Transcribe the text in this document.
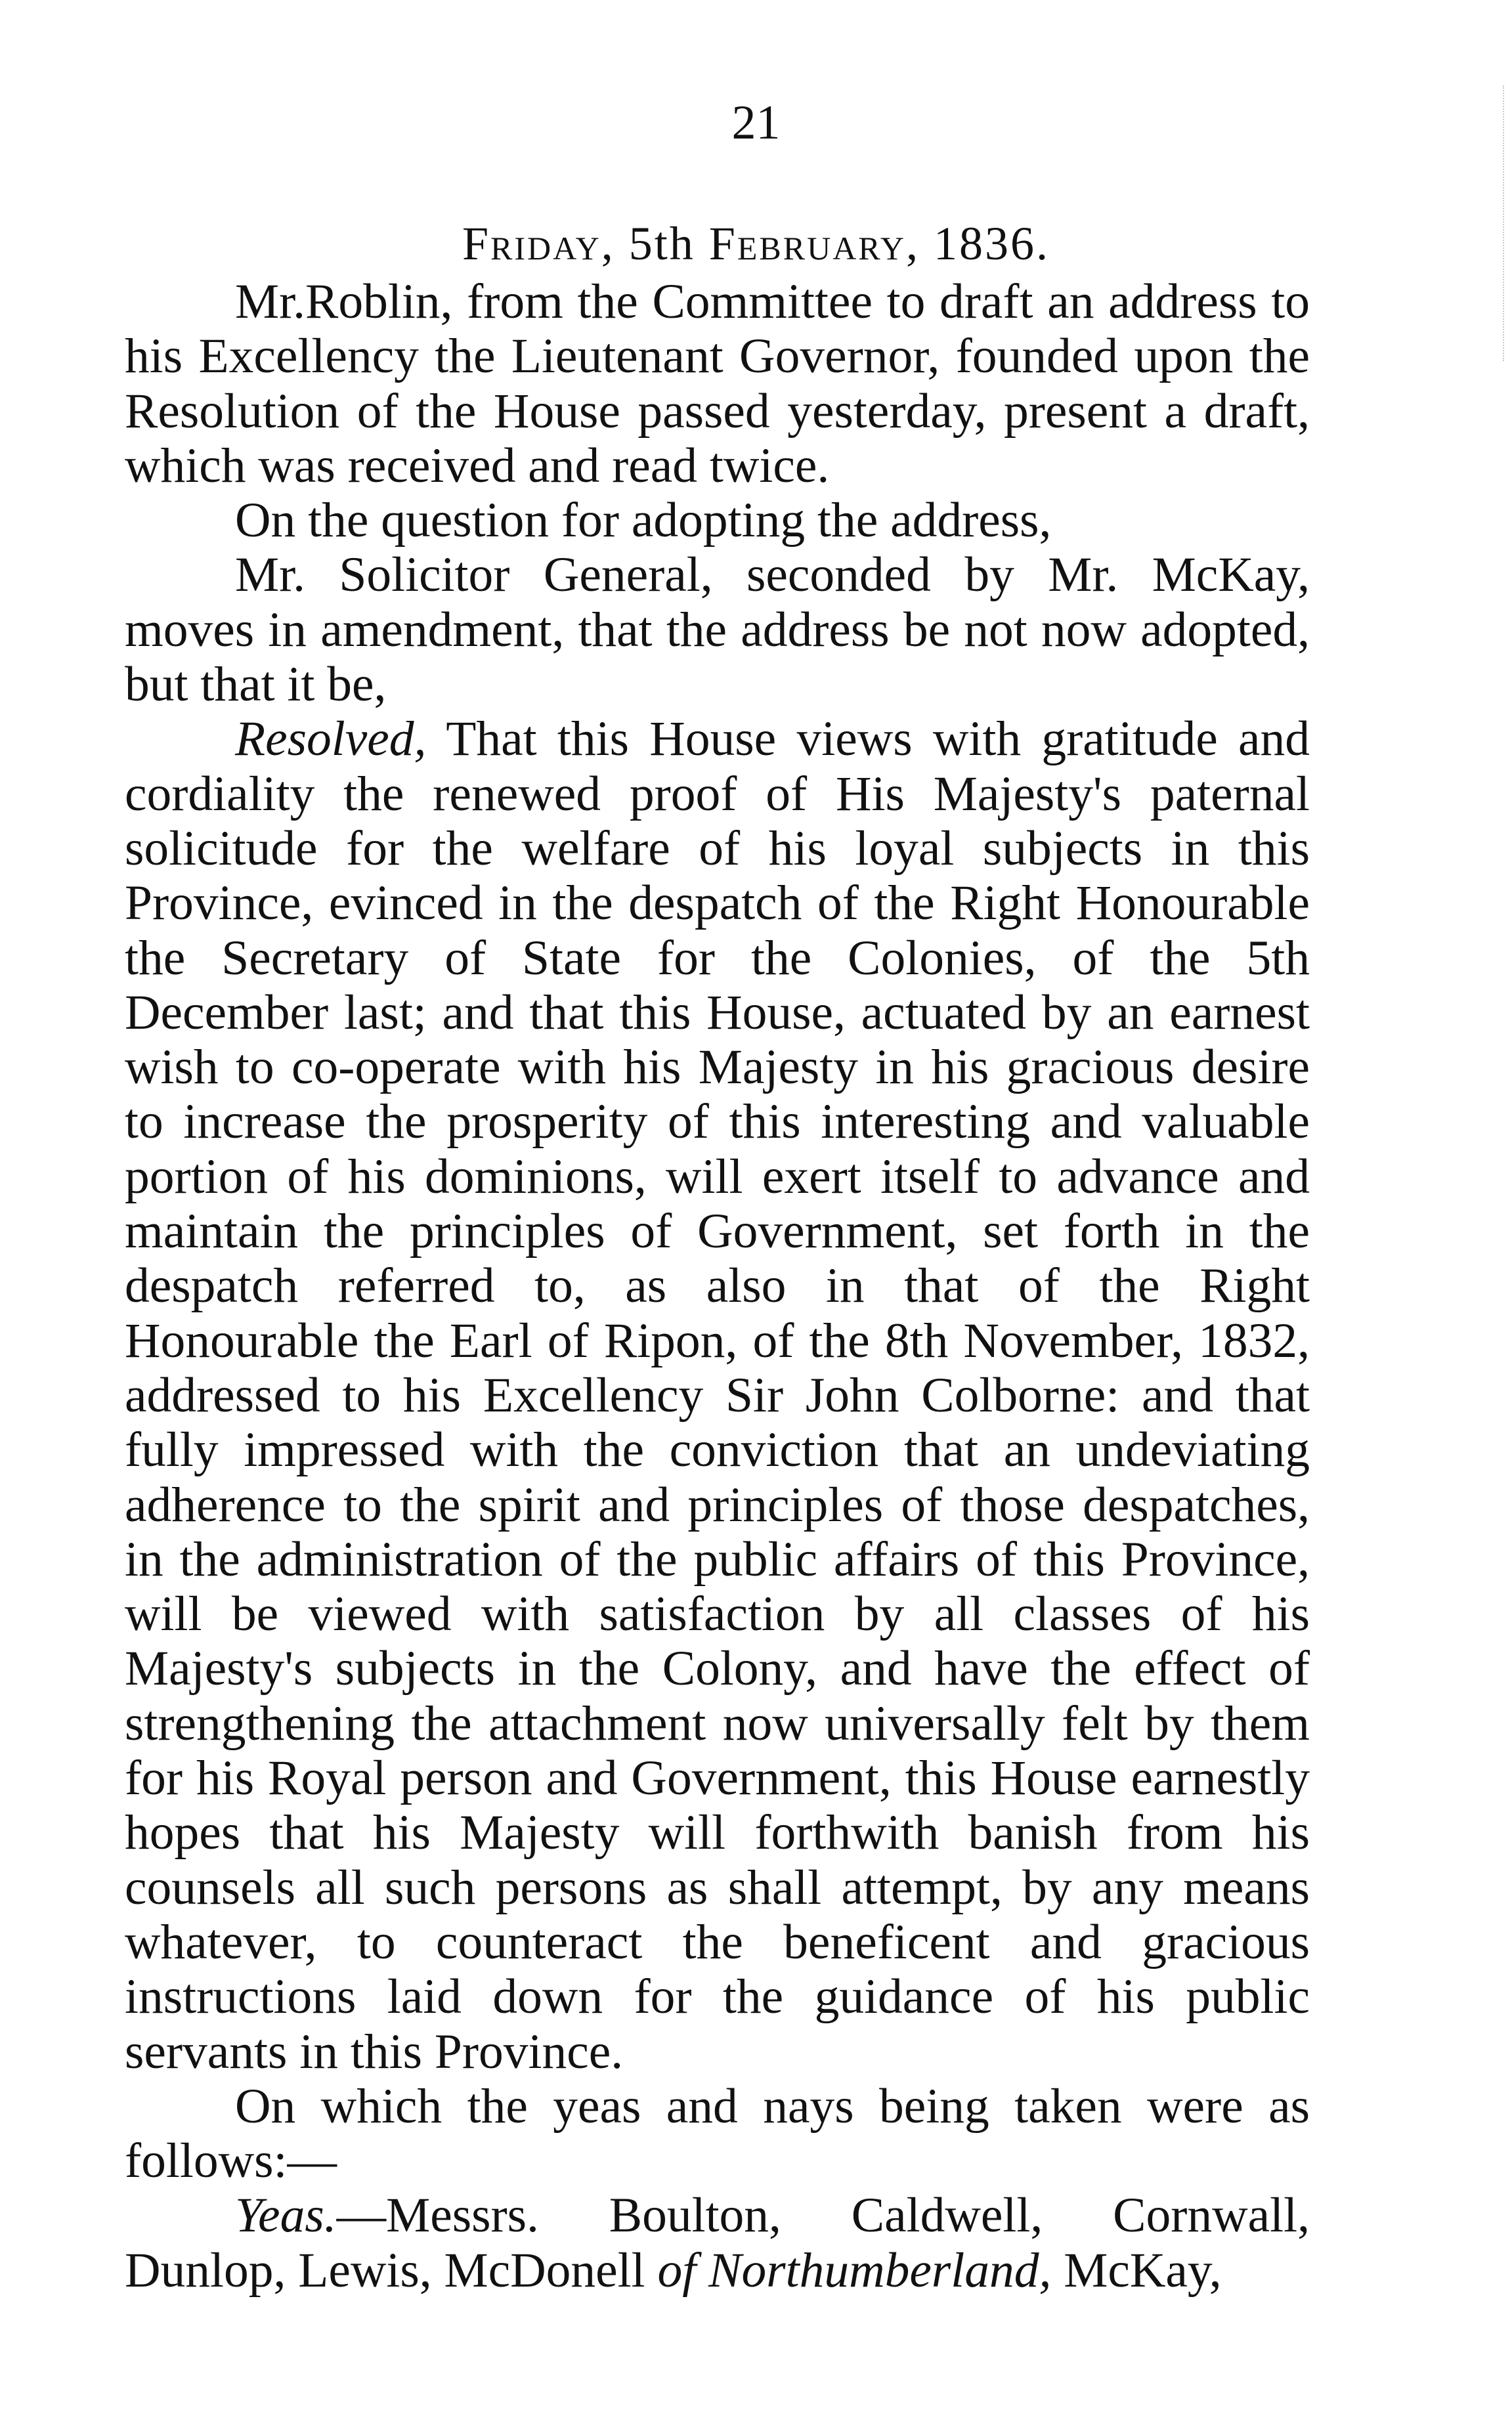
21
Friday, 5th February, 1836.

Mr.Roblin, from the Committee to draft an address to his Excellency the Lieutenant Governor, founded upon the Resolution of the House passed yesterday, present a draft, which was received and read twice.

On the question for adopting the address,

Mr. Solicitor General, seconded by Mr. McKay, moves in amendment, that the address be not now adopted, but that it be,

Resolved, That this House views with gratitude and cordiality the renewed proof of His Majesty's paternal solicitude for the welfare of his loyal subjects in this Province, evinced in the despatch of the Right Honourable the Secretary of State for the Colonies, of the 5th December last; and that this House, actuated by an earnest wish to co-operate with his Majesty in his gracious desire to increase the prosperity of this interesting and valuable portion of his dominions, will exert itself to advance and maintain the principles of Government, set forth in the despatch referred to, as also in that of the Right Honourable the Earl of Ripon, of the 8th November, 1832, addressed to his Excellency Sir John Colborne: and that fully impressed with the conviction that an undeviating adherence to the spirit and principles of those despatches, in the administration of the public affairs of this Province, will be viewed with satisfaction by all classes of his Majesty's subjects in the Colony, and have the effect of strengthening the attachment now universally felt by them for his Royal person and Government, this House earnestly hopes that his Majesty will forthwith banish from his counsels all such persons as shall attempt, by any means whatever, to counteract the beneficent and gracious instructions laid down for the guidance of his public servants in this Province.

On which the yeas and nays being taken were as follows:—

Yeas.—Messrs. Boulton, Caldwell, Cornwall, Dunlop, Lewis, McDonell of Northumberland, McKay,
